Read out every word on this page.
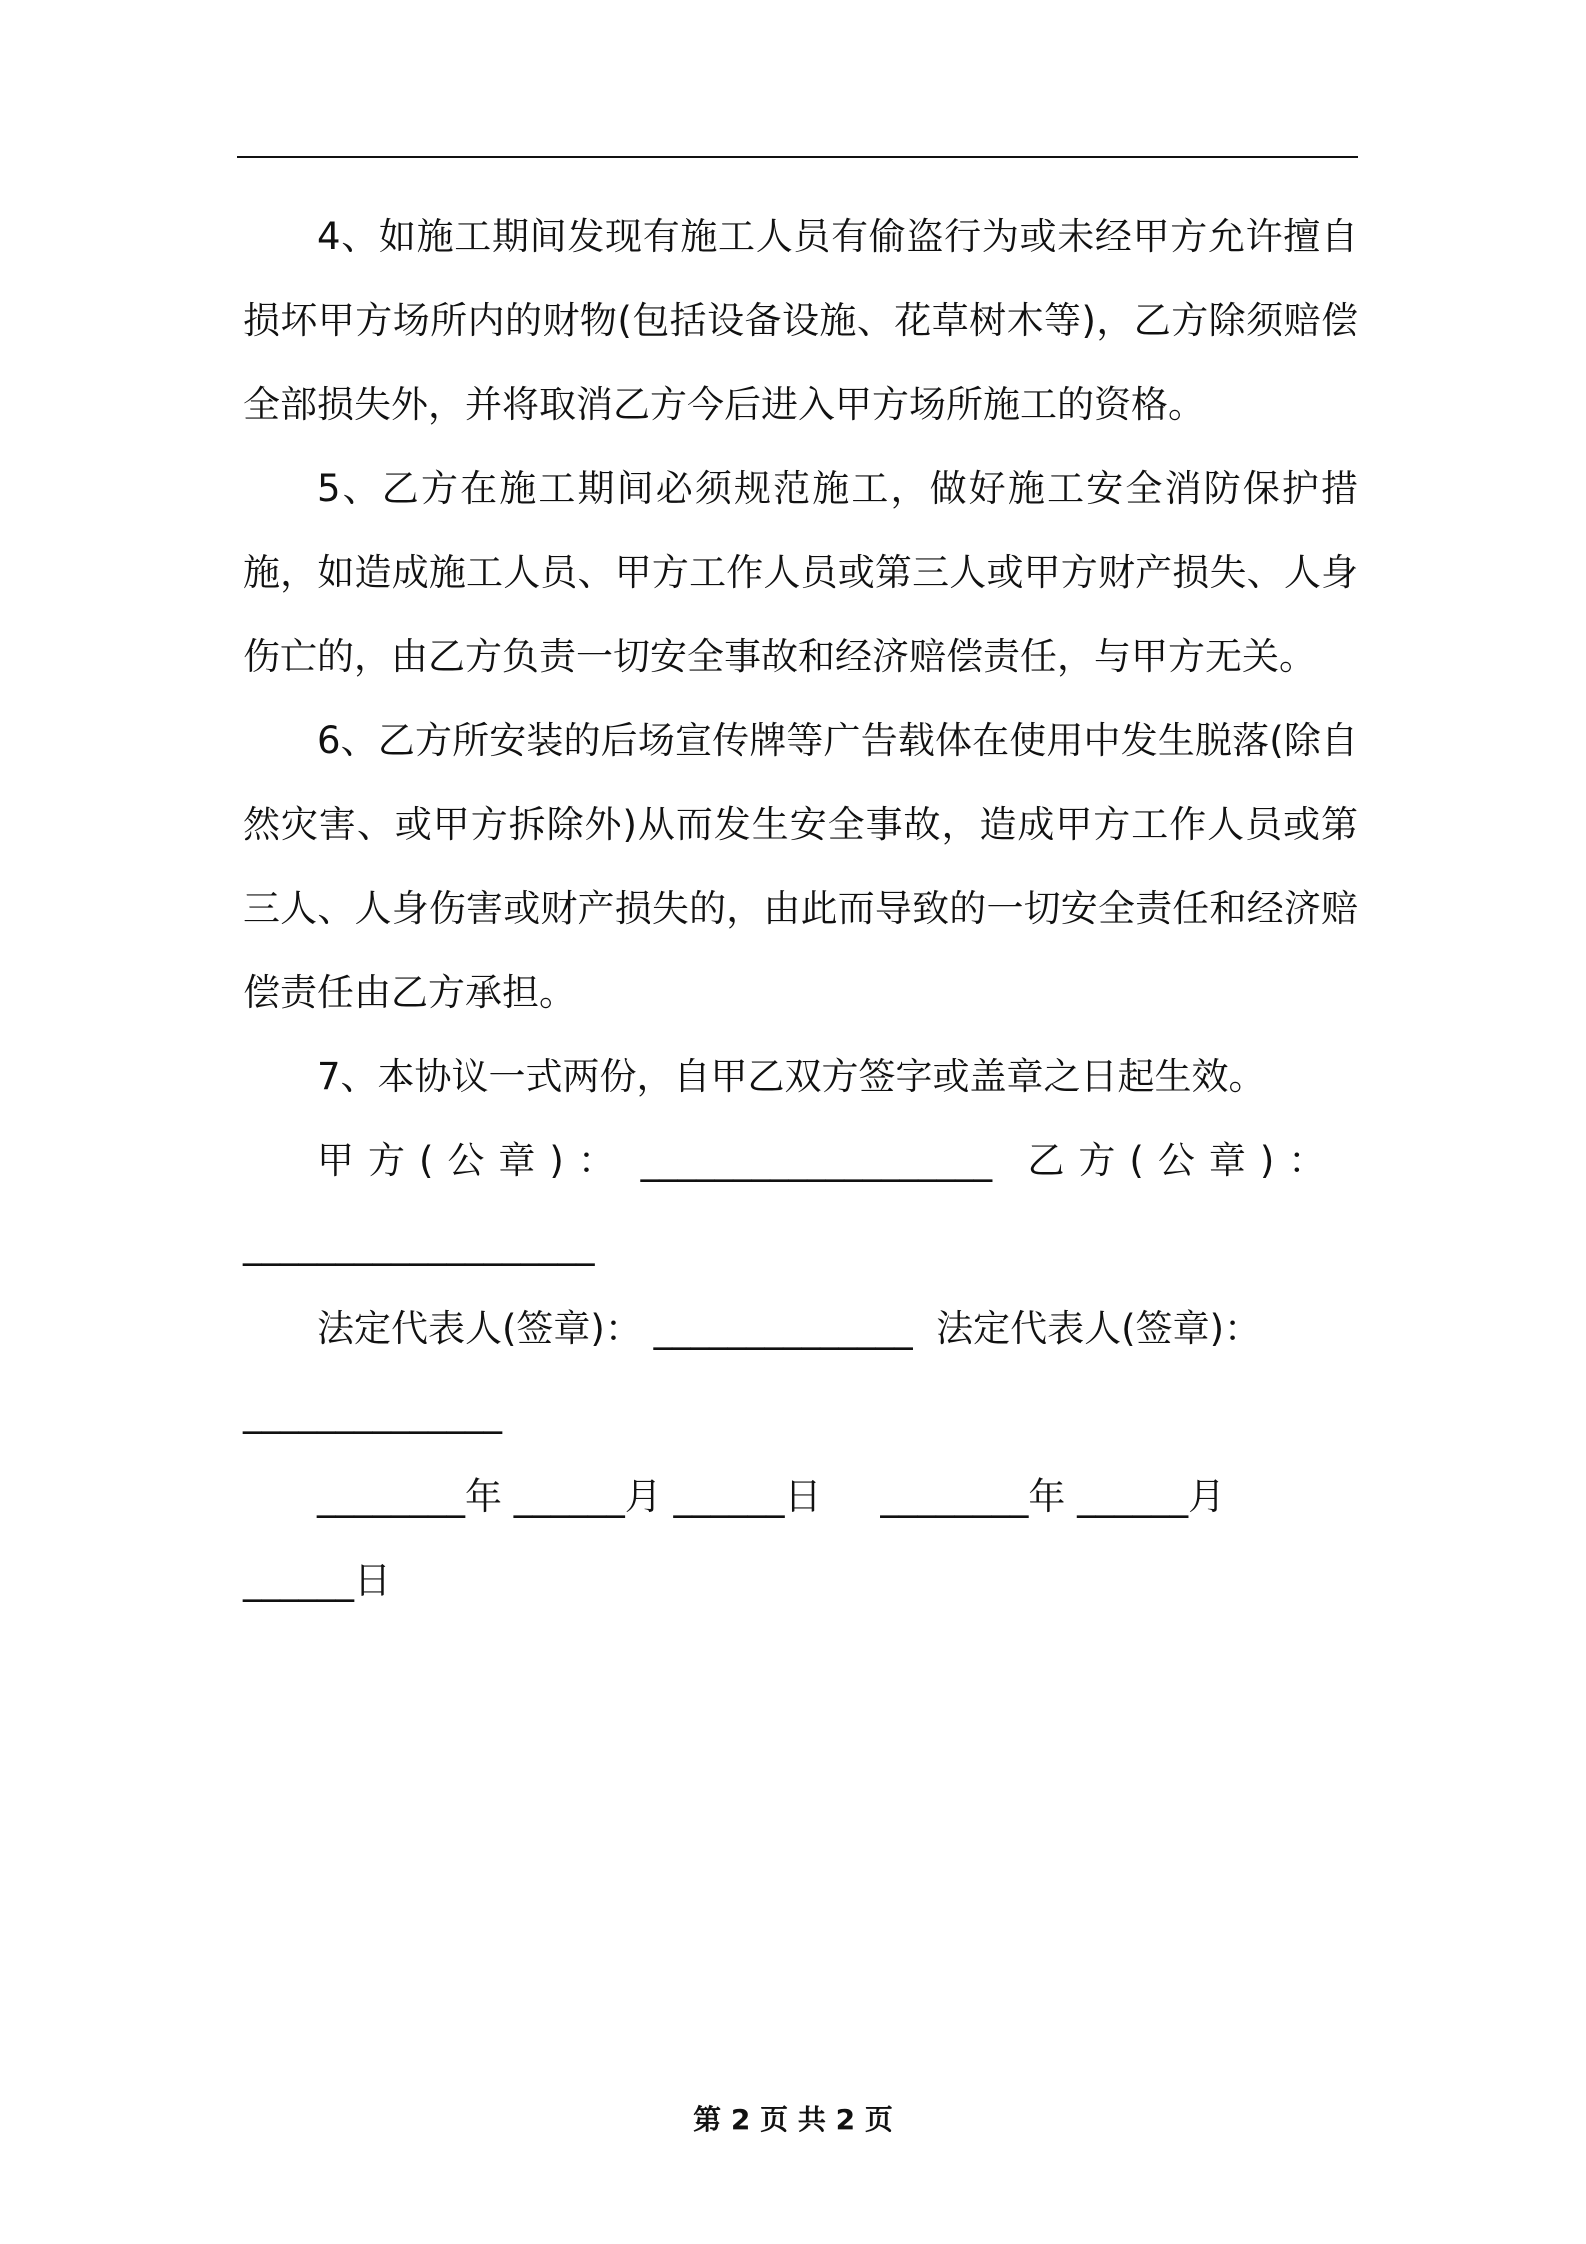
4、如施工期间发现有施工人员有偷盗行为或未经甲方允许擅自损坏甲方场所内的财物(包括设备设施、花草树木等)，乙方除须赔偿全部损失外，并将取消乙方今后进入甲方场所施工的资格。

5、乙方在施工期间必须规范施工，做好施工安全消防保护措施，如造成施工人员、甲方工作人员或第三人或甲方财产损失、人身伤亡的，由乙方负责一切安全事故和经济赔偿责任，与甲方无关。

6、乙方所安装的后场宣传牌等广告载体在使用中发生脱落(除自然灾害、或甲方拆除外)从而发生安全事故，造成甲方工作人员或第三人、人身伤害或财产损失的，由此而导致的一切安全责任和经济赔偿责任由乙方承担。

7、本协议一式两份，自甲乙双方签字或盖章之日起生效。

甲方(公章)： ___________________ 乙方(公章)：

___________________

法定代表人(签章)： ______________ 法定代表人(签章)：

______________

________年 ______月 ______日 ________年 ______月

______日

第 2 页 共 2 页
